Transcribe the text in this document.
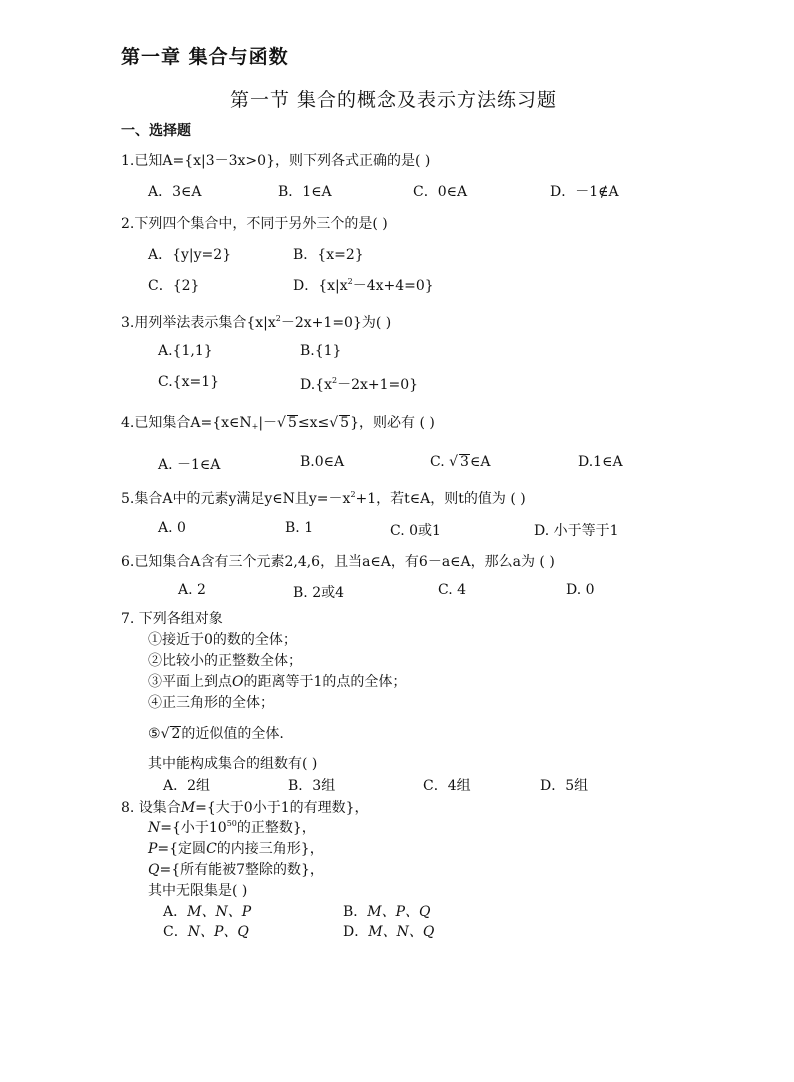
第一章 集合与函数
第一节 集合的概念及表示方法练习题
一、选择题
1.已知A={x|3－3x>0}，则下列各式正确的是( )
A．3∈A	B．1∈A	C．0∈A	D．－1∉A
2.下列四个集合中，不同于另外三个的是( )
A．{y|y=2}	B．{x=2}
C．{2}	D．$\{x|x^2-4x+4=0\}$
3.用列举法表示集合$\{x|x^2-2x+1=0\}$为( )
A.{1,1}	B.{1}
C.{x=1}	$D.\{x^2-2x+1=0\}$
4.已知集合$A=\{x\in N_+|-√$ 5≤x≤√ 5}，则必有 ( )
A. －1∈A	B.0∈A	C. √ 3∈A	D.1∈A
5.集合A中的元素y满足y∈N且$y=-x^2+1$，若t∈A，则t的值为 ( )
A. 0	B. 1	C. 0或1	D. 小于等于1
6.已知集合A含有三个元素2,4,6，且当a∈A，有6－a∈A，那么a为 ( )
A. 2	B. 2或4	C. 4	D. 0
7. 下列各组对象
①接近于0的数的全体；
②比较小的正整数全体；
③平面上到点O的距离等于1的点的全体；
④正三角形的全体；
⑤√ 2的近似值的全体.
其中能构成集合的组数有( )
A．2组	B．3组	C．4组	D．5组
8. 设集合M={大于0小于1的有理数}，
N={小于$10^{50}$的正整数}，
P={定圆C的内接三角形}，
Q={所有能被7整除的数}，
其中无限集是( )
A．M、N、P	B．M、P、Q
C．N、P、Q	D．M、N、Q
